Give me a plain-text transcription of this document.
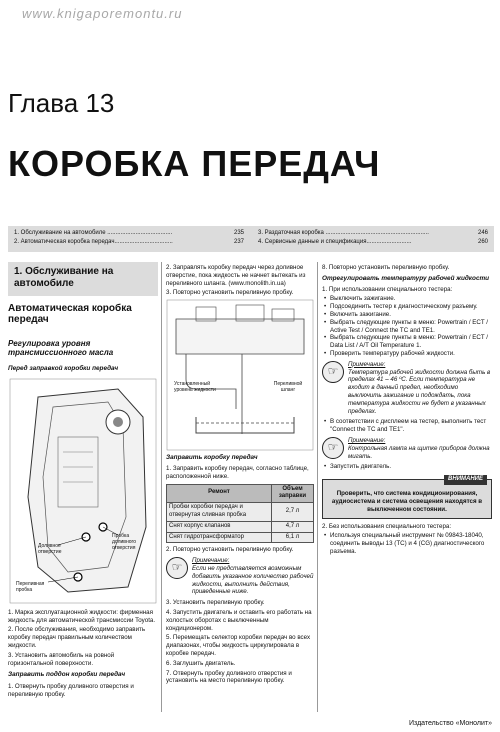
www.knigaporemontu.ru
Глава 13
КОРОБКА ПЕРЕДАЧ
1. Обслуживание на автомобиле .......................................	235
2. Автоматическая коробка передач...................................	237
3. Раздаточная коробка ..............................................................	246
4. Сервисные данные и спецификация...........................	260
1. Обслуживание на автомобиле
Автоматическая коробка передач
Регулировка уровня трансмиссионного масла
Перед заправкой коробки передач
Доливное отверстие
Пробка доливного отверстия
Переливная пробка
1. Марка эксплуатационной жидкости: фирменная жидкость для автоматической трансмиссии Toyota.
2. После обслуживания, необходимо заправить коробку передач правильным количеством жидкости.
3. Установить автомобиль на ровной горизонтальной поверхности.
Заправить поддон коробки передач
1. Отвернуть пробку доливного отверстия и переливную пробку.
2. Заправлять коробку передач через доливное отверстие, пока жидкость не начнет вытекать из переливного шланга. (www.monolith.in.ua)
3. Повторно установить переливную пробку.
Установленный уровень жидкости
Переливной шланг
Заправить коробку передач
1. Заправить коробку передач, согласно таблице, расположенной ниже.
Ремонт	Объем заправки
Пробки коробки передач и отвернутая сливная пробка	2,7 л
Снят корпус клапанов	4,7 л
Снят гидротрансформатор	6,1 л
2. Повторно установить переливную пробку.
☞	Примечание:
Если не представляется возможным добавить указанное количество рабочей жидкости, выполнить действия, приведенные ниже.
3. Установить переливную пробку.
4. Запустить двигатель и оставить его работать на холостых оборотах с выключенным кондиционером.
5. Перемещать селектор коробки передач во всех диапазонах, чтобы жидкость циркулировала в коробке передач.
6. Заглушить двигатель.
7. Отвернуть пробку доливного отверстия и установить на место переливную пробку.
8. Повторно установить переливную пробку.
Отрегулировать температуру рабочей жидкости
1. При использовании специального тестера:
• Выключить зажигание.
• Подсоединить тестер к диагностическому разъему.
• Включить зажигание.
• Выбрать следующие пункты в меню: Powertrain / ECT / Active Test / Connect the TC and TE1.
• Выбрать следующие пункты в меню: Powertrain / ECT / Data List / A/T Oil Temperature 1.
• Проверить температуру рабочей жидкости.
☞	Примечание:
Температура рабочей жидкости должна быть в пределах 41 – 46 ºС. Если температура не входит в данный предел, необходимо выключить зажигание и подождать, пока температура жидкости не будет в указанных пределах.
• В соответствии с дисплеем на тестер, выполнить тест "Connect the TC and TE1".
☞	Примечание:
Контрольная лампа на щитке приборов должна мигать.
• Запустить двигатель.
ВНИМАНИЕ
Проверить, что система кондиционирования, аудиосистема и система освещения находятся в выключенном состоянии.
2. Без использования специального тестера:
• Используя специальный инструмент № 09843-18040, соединить выводы 13 (TC) и 4 (CG) диагностического разъема.
Издательство «Монолит»
